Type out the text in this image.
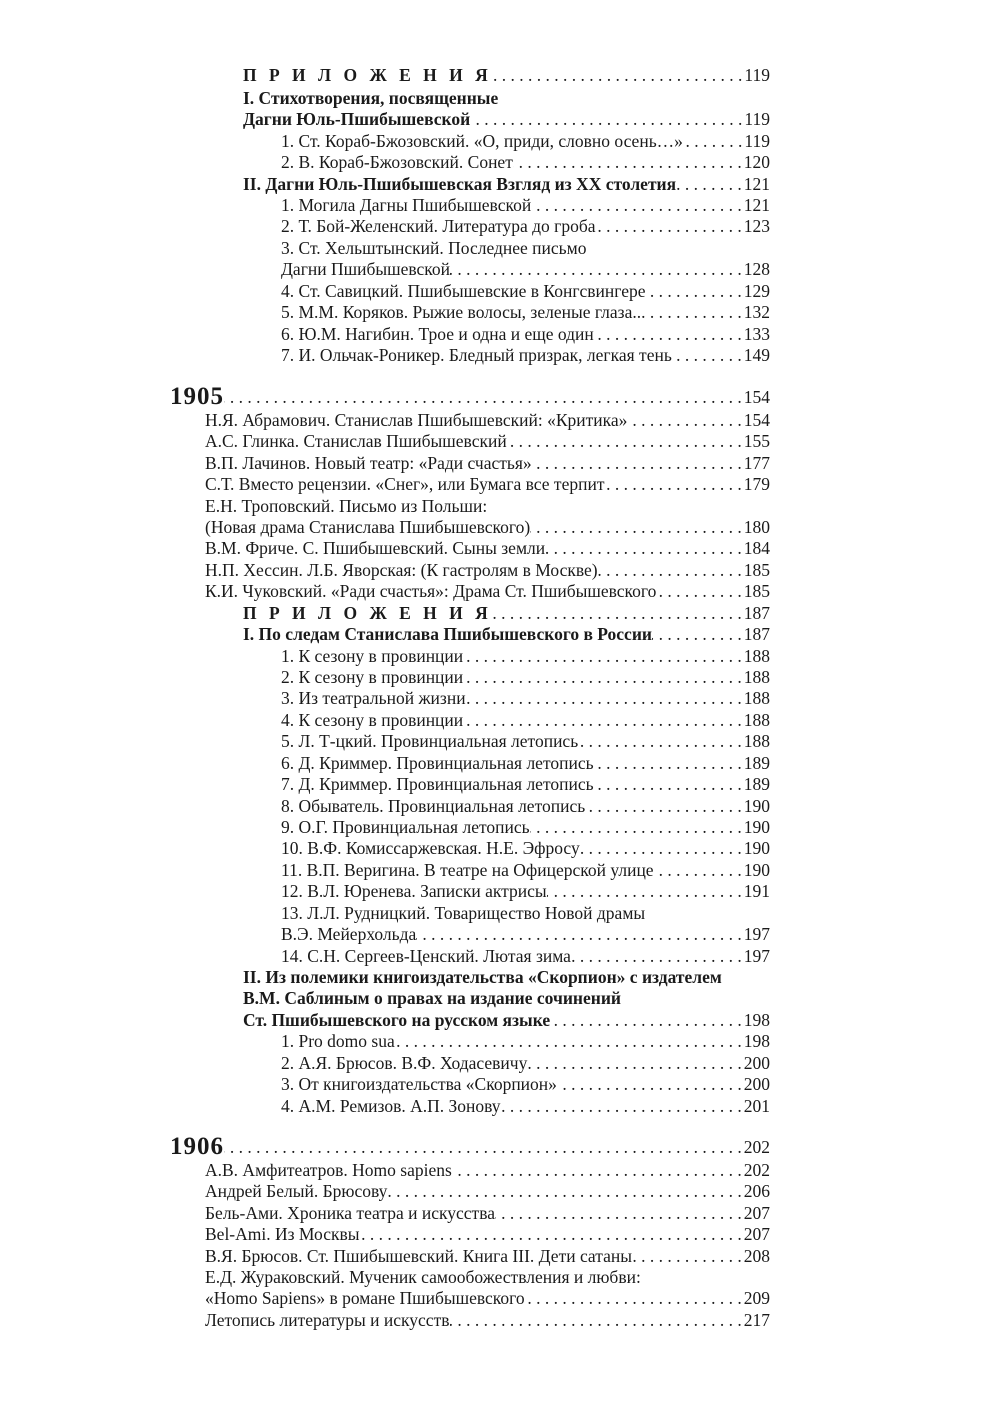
П Р И Л О Ж Е Н И Я . . .	119
I. Стихотворения, посвященные
Дагни Юль-Пшибышевской . . .	119
1. Ст. Кораб-Бжозовский. «О, приди, словно осень…» . . .	119
2. В. Кораб-Бжозовский. Сонет . . .	120
II. Дагни Юль-Пшибышевская Взгляд из XX столетия . . .	121
1. Могила Дагны Пшибышевской . . .	121
2. Т. Бой-Желенский. Литература до гроба . . .	123
3. Ст. Хельштынский. Последнее письмо
Дагни Пшибышевской . . .	128
4. Ст. Савицкий. Пшибышевские в Конгсвингере . . .	129
5. М.М. Коряков. Рыжие волосы, зеленые глаза... . . .	132
6. Ю.М. Нагибин. Трое и одна и еще один . . .	133
7. И. Ольчак-Роникер. Бледный призрак, легкая тень . . .	149
1905 . . .	154
Н.Я. Абрамович. Станислав Пшибышевский: «Критика» . . .	154
А.С. Глинка. Станислав Пшибышевский . . .	155
В.П. Лачинов. Новый театр: «Ради счастья» . . .	177
С.Т. Вместо рецензии. «Снег», или Бумага все терпит . . .	179
Е.Н. Троповский. Письмо из Польши:
(Новая драма Станислава Пшибышевского) . . .	180
В.М. Фриче. С. Пшибышевский. Сыны земли . . .	184
Н.П. Хессин. Л.Б. Яворская: (К гастролям в Москве) . . .	185
К.И. Чуковский. «Ради счастья»: Драма Ст. Пшибышевского . . .	185
П Р И Л О Ж Е Н И Я . . .	187
I. По следам Станислава Пшибышевского в России . . .	187
1. К сезону в провинции . . .	188
2. К сезону в провинции . . .	188
3. Из театральной жизни . . .	188
4. К сезону в провинции . . .	188
5. Л. Т-цкий. Провинциальная летопись . . .	188
6. Д. Криммер. Провинциальная летопись . . .	189
7. Д. Криммер. Провинциальная летопись . . .	189
8. Обыватель. Провинциальная летопись . . .	190
9. О.Г. Провинциальная летопись . . .	190
10. В.Ф. Комиссаржевская. Н.Е. Эфросу . . .	190
11. В.П. Веригина. В театре на Офицерской улице . . .	190
12. В.Л. Юренева. Записки актрисы . . .	191
13. Л.Л. Рудницкий. Товарищество Новой драмы
В.Э. Мейерхольда . . .	197
14. С.Н. Сергеев-Ценский. Лютая зима . . .	197
II. Из полемики книгоиздательства «Скорпион» с издателем
В.М. Саблиным о правах на издание сочинений
Ст. Пшибышевского на русском языке . . .	198
1. Pro domo sua . . .	198
2. А.Я. Брюсов. В.Ф. Ходасевичу . . .	200
3. От книгоиздательства «Скорпион» . . .	200
4. А.М. Ремизов. А.П. Зонову . . .	201
1906 . . .	202
А.В. Амфитеатров. Homo sapiens . . .	202
Андрей Белый. Брюсову . . .	206
Бель-Ами. Хроника театра и искусства . . .	207
Bel-Ami. Из Москвы . . .	207
В.Я. Брюсов. Ст. Пшибышевский. Книга III. Дети сатаны . . .	208
Е.Д. Жураковский. Мученик самообожествления и любви:
«Homo Sapiens» в романе Пшибышевского . . .	209
Летопись литературы и искусств . . .	217
